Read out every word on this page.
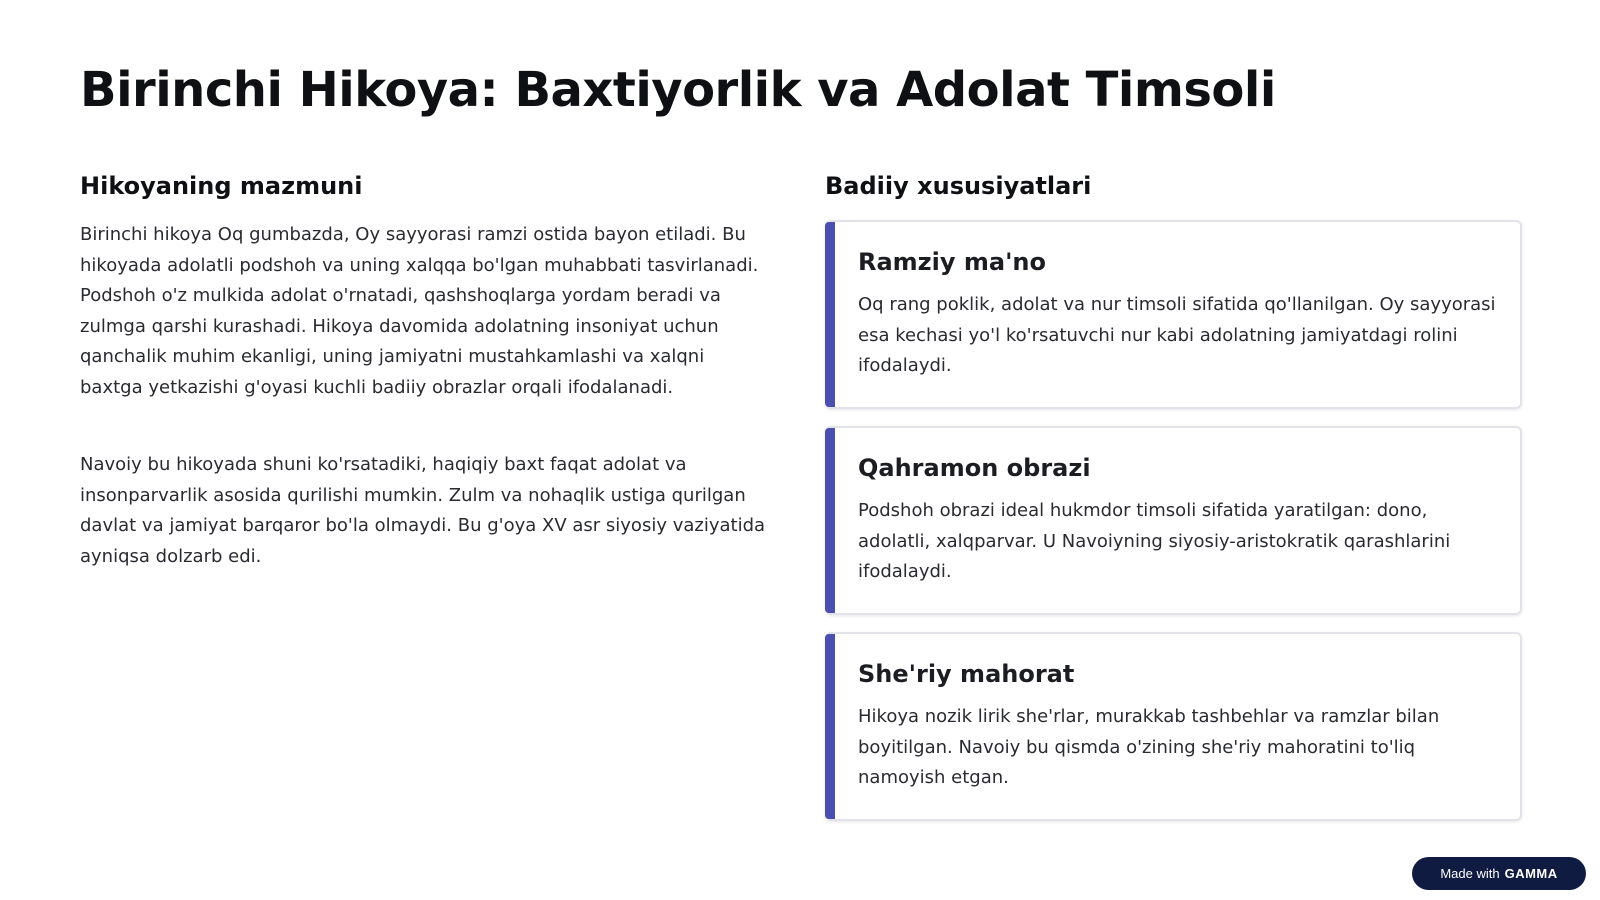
Birinchi Hikoya: Baxtiyorlik va Adolat Timsoli
Hikoyaning mazmuni

Birinchi hikoya Oq gumbazda, Oy sayyorasi ramzi ostida bayon etiladi. Bu hikoyada adolatli podshoh va uning xalqqa bo'lgan muhabbati tasvirlanadi. Podshoh o'z mulkida adolat o'rnatadi, qashshoqlarga yordam beradi va zulmga qarshi kurashadi. Hikoya davomida adolatning insoniyat uchun qanchalik muhim ekanligi, uning jamiyatni mustahkamlashi va xalqni baxtga yetkazishi g'oyasi kuchli badiiy obrazlar orqali ifodalanadi.

Navoiy bu hikoyada shuni ko'rsatadiki, haqiqiy baxt faqat adolat va insonparvarlik asosida qurilishi mumkin. Zulm va nohaqlik ustiga qurilgan davlat va jamiyat barqaror bo'la olmaydi. Bu g'oya XV asr siyosiy vaziyatida ayniqsa dolzarb edi.

Badiiy xususiyatlari
Ramziy ma'no

Oq rang poklik, adolat va nur timsoli sifatida qo'llanilgan. Oy sayyorasi esa kechasi yo'l ko'rsatuvchi nur kabi adolatning jamiyatdagi rolini ifodalaydi.

Qahramon obrazi

Podshoh obrazi ideal hukmdor timsoli sifatida yaratilgan: dono, adolatli, xalqparvar. U Navoiyning siyosiy-aristokratik qarashlarini ifodalaydi.

She'riy mahorat

Hikoya nozik lirik she'rlar, murakkab tashbehlar va ramzlar bilan boyitilgan. Navoiy bu qismda o'zining she'riy mahoratini to'liq namoyish etgan.

Made with GAMMA
